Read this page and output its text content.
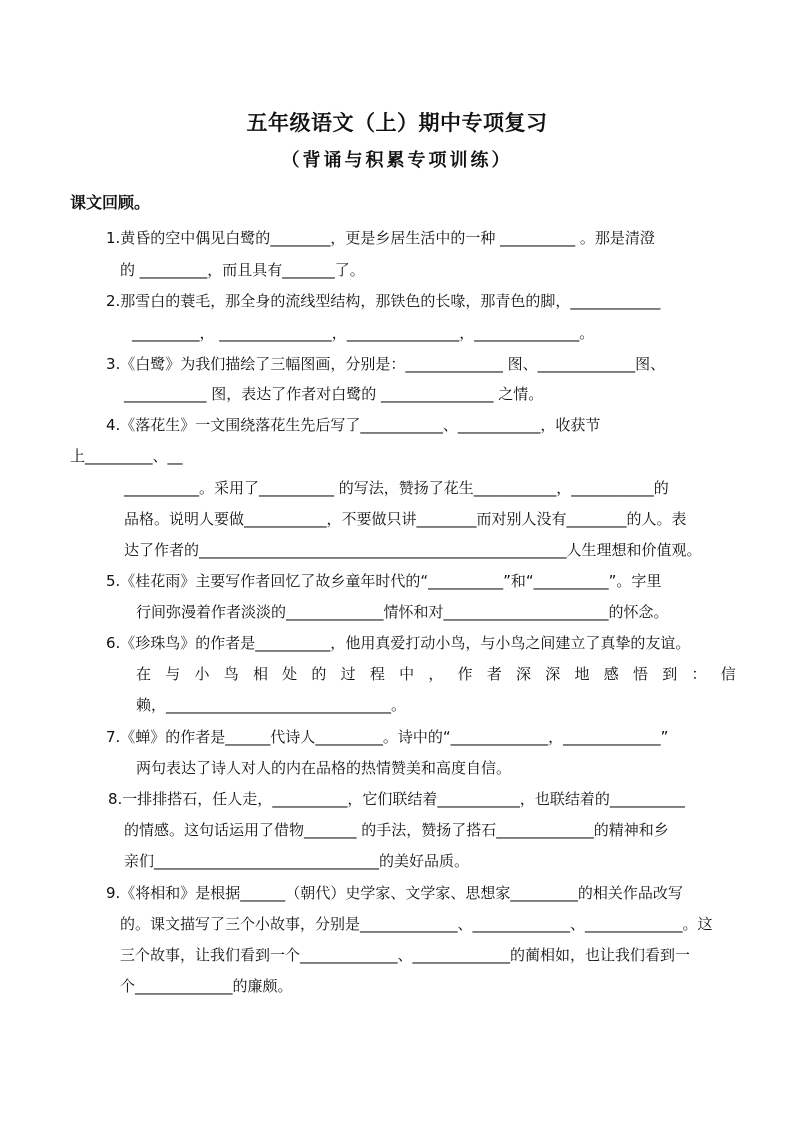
五年级语文（上）期中专项复习
（背诵与积累专项训练）
课文回顾。
1.黄昏的空中偶见白鹭的________，更是乡居生活中的一种 __________ 。那是清澄
的 _________，而且具有_______了。
2.那雪白的蓑毛，那全身的流线型结构，那铁色的长喙，那青色的脚，____________
_________， _______________，_______________，______________。
3.《白鹭》为我们描绘了三幅图画，分别是：_____________ 图、_____________图、
___________ 图，表达了作者对白鹭的 _______________ 之情。
4.《落花生》一文围绕落花生先后写了___________、___________，收获节
上_________、__
__________。采用了__________ 的写法，赞扬了花生___________，___________的
品格。说明人要做___________，不要做只讲________而对别人没有________的人。表
达了作者的_________________________________________________人生理想和价值观。
5.《桂花雨》主要写作者回忆了故乡童年时代的“__________”和“__________”。字里
行间弥漫着作者淡淡的_____________情怀和对______________________的怀念。
6.《珍珠鸟》的作者是__________，他用真爱打动小鸟，与小鸟之间建立了真挚的友谊。
赖，______________________________。
7.《蝉》的作者是______代诗人_________。诗中的“_____________，_____________”
两句表达了诗人对人的内在品格的热情赞美和高度自信。
8.一排排搭石，任人走，__________，它们联结着___________，也联结着的__________
的情感。这句话运用了借物_______ 的手法，赞扬了搭石_____________的精神和乡
亲们______________________________的美好品质。
9.《将相和》是根据______（朝代）史学家、文学家、思想家_________的相关作品改写
的。课文描写了三个小故事，分别是_____________、_____________、_____________。这
三个故事，让我们看到一个_____________、_____________的蔺相如，也让我们看到一
个_____________的廉颇。
在 与 小 鸟 相 处 的 过 程 中 ， 作 者 深 深 地 感 悟 到 ： 信
